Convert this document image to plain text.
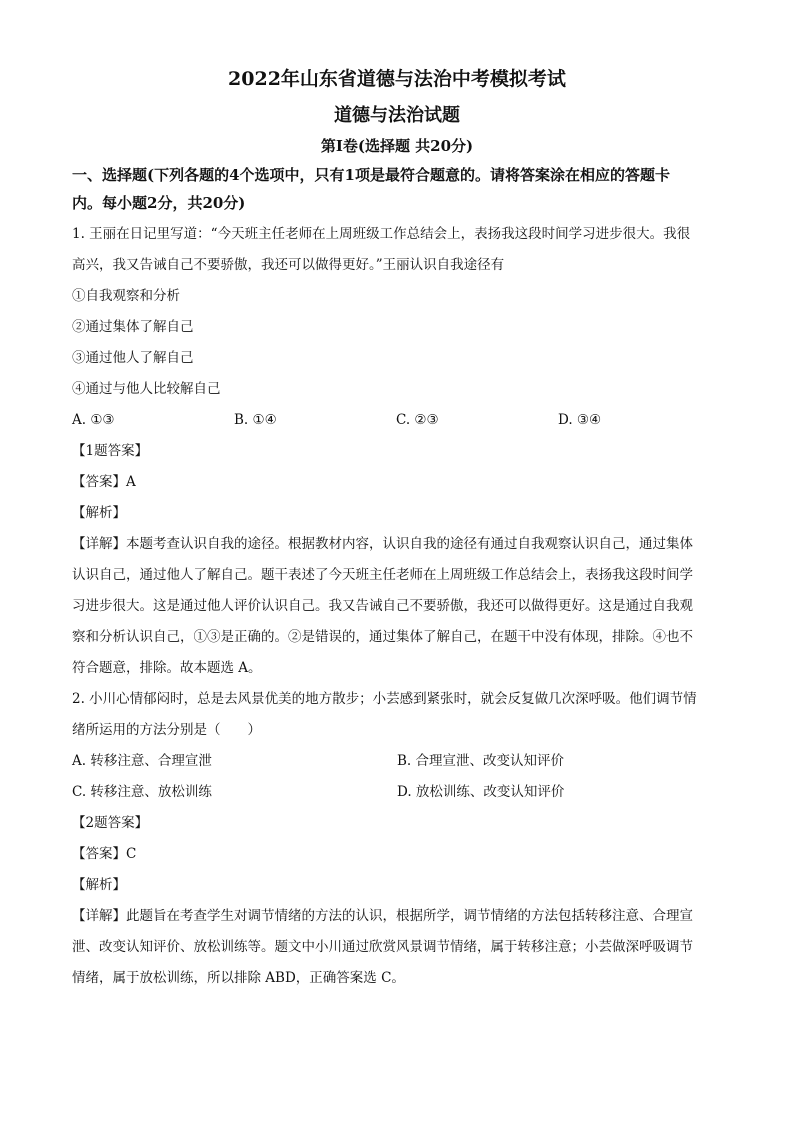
2022年山东省道德与法治中考模拟考试
道德与法治试题
第Ⅰ卷(选择题 共20分)
一、选择题(下列各题的4个选项中，只有1项是最符合题意的。请将答案涂在相应的答题卡
内。每小题2分，共20分)

1. 王丽在日记里写道：“今天班主任老师在上周班级工作总结会上，表扬我这段时间学习进步很大。我很

高兴，我又告诫自己不要骄傲，我还可以做得更好。”王丽认识自我途径有

①自我观察和分析

②通过集体了解自己

③通过他人了解自己

④通过与他人比较解自己

A. ①③	B. ①④	C. ②③	D. ③④

【1题答案】

【答案】A

【解析】

【详解】本题考查认识自我的途径。根据教材内容，认识自我的途径有通过自我观察认识自己，通过集体

认识自己，通过他人了解自己。题干表述了今天班主任老师在上周班级工作总结会上，表扬我这段时间学

习进步很大。这是通过他人评价认识自己。我又告诫自己不要骄傲，我还可以做得更好。这是通过自我观

察和分析认识自己，①③是正确的。②是错误的，通过集体了解自己，在题干中没有体现，排除。④也不

符合题意，排除。故本题选 A。

2. 小川心情郁闷时，总是去风景优美的地方散步；小芸感到紧张时，就会反复做几次深呼吸。他们调节情

绪所运用的方法分别是（　　）

A. 转移注意、合理宣泄	B. 合理宣泄、改变认知评价
C. 转移注意、放松训练	D. 放松训练、改变认知评价

【2题答案】

【答案】C

【解析】

【详解】此题旨在考查学生对调节情绪的方法的认识，根据所学，调节情绪的方法包括转移注意、合理宣

泄、改变认知评价、放松训练等。题文中小川通过欣赏风景调节情绪，属于转移注意；小芸做深呼吸调节

情绪，属于放松训练，所以排除 ABD，正确答案选 C。
